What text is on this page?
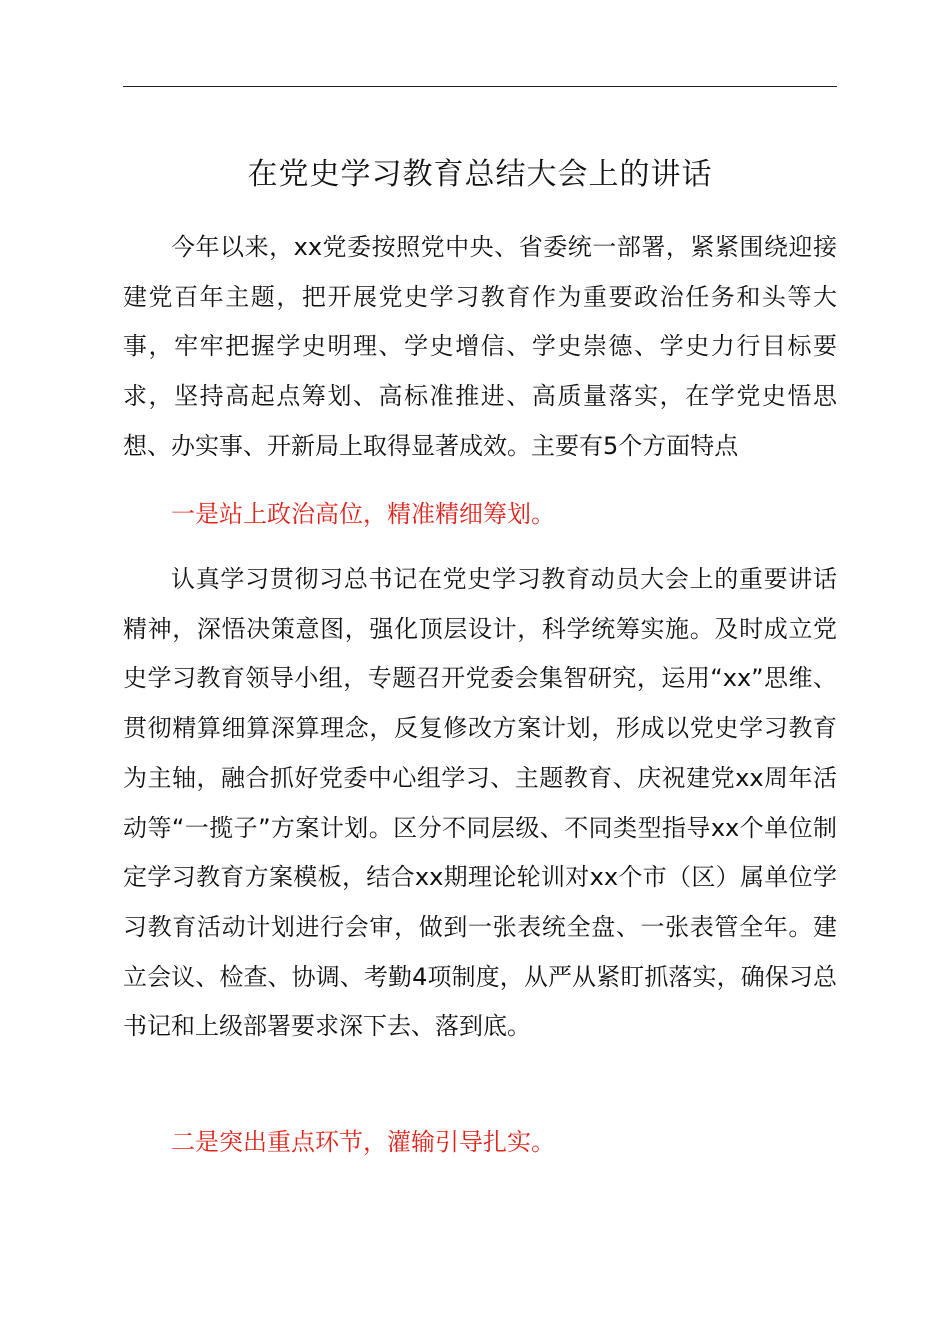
在党史学习教育总结大会上的讲话

今年以来，xx党委按照党中央、省委统一部署，紧紧围绕迎接建党百年主题，把开展党史学习教育作为重要政治任务和头等大事，牢牢把握学史明理、学史增信、学史崇德、学史力行目标要求，坚持高起点筹划、高标准推进、高质量落实，在学党史悟思想、办实事、开新局上取得显著成效。主要有5个方面特点

一是站上政治高位，精准精细筹划。

认真学习贯彻习总书记在党史学习教育动员大会上的重要讲话精神，深悟决策意图，强化顶层设计，科学统筹实施。及时成立党史学习教育领导小组，专题召开党委会集智研究，运用“xx”思维、贯彻精算细算深算理念，反复修改方案计划，形成以党史学习教育为主轴，融合抓好党委中心组学习、主题教育、庆祝建党xx周年活动等“一揽子”方案计划。区分不同层级、不同类型指导xx个单位制定学习教育方案模板，结合xx期理论轮训对xx个市（区）属单位学习教育活动计划进行会审，做到一张表统全盘、一张表管全年。建立会议、检查、协调、考勤4项制度，从严从紧盯抓落实，确保习总书记和上级部署要求深下去、落到底。

二是突出重点环节，灌输引导扎实。
